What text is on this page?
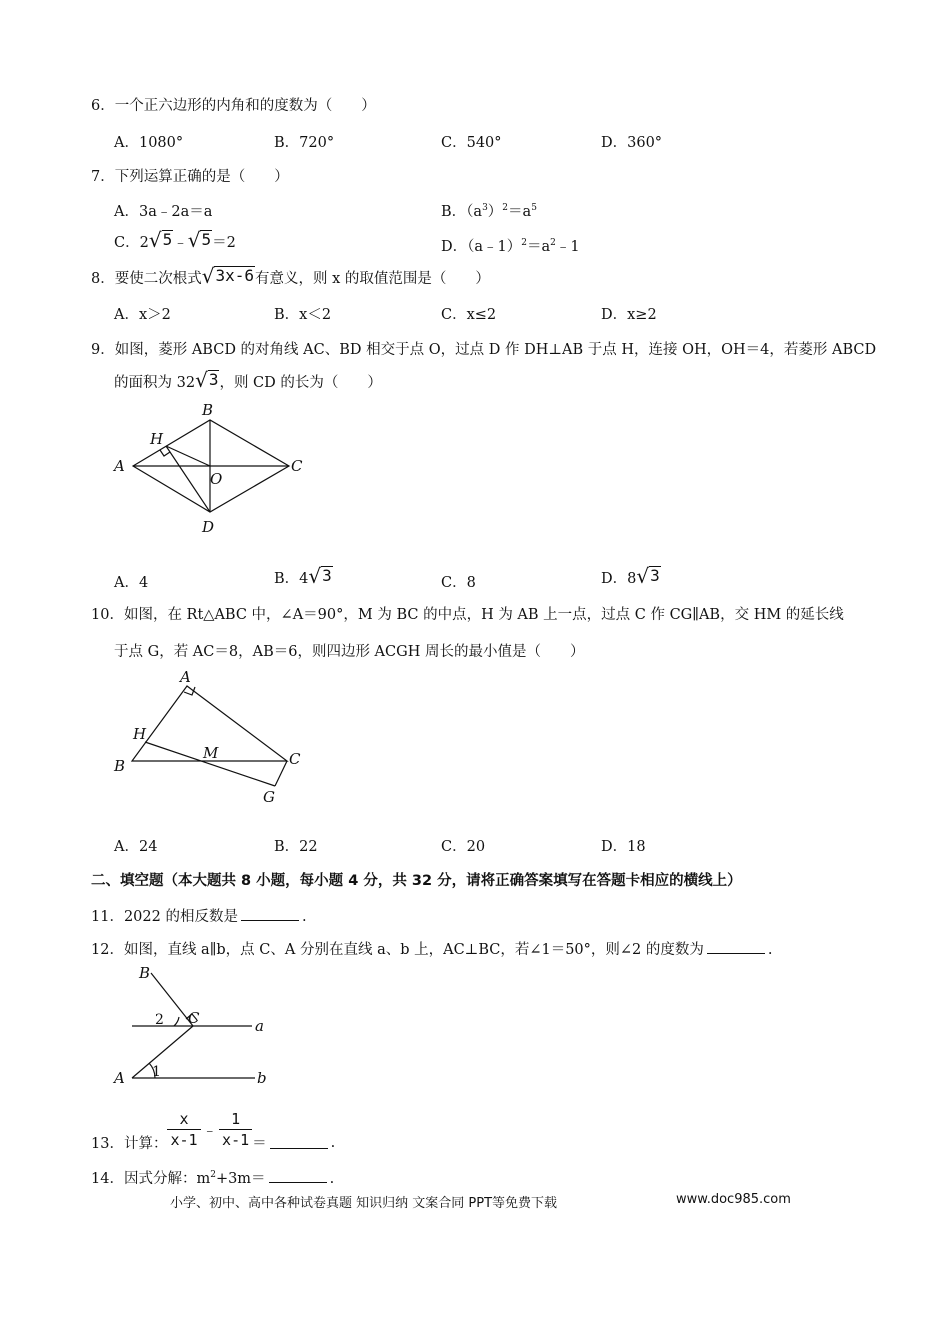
6．一个正六边形的内角和的度数为（　　）
A．1080°	B．720°	C．540°	D．360°
7．下列运算正确的是（　　）
A．3a﹣2a＝a	B．$(a^3)^2=a^5$
C．2 √ 5 ﹣ √ 5 ＝2	D．$(a﹣1)^2=a^2﹣1$
8．要使二次根式 √ 3x-6 有意义，则 x 的取值范围是（　　）
A．x＞2	B．x＜2	C．x≤2	D．x≥2
9．如图，菱形 ABCD 的对角线 AC、BD 相交于点 O，过点 D 作 DH⊥AB 于点 H，连接 OH，OH＝4，若菱形 ABCD
的面积为 32 √ 3 ，则 CD 的长为（　　）
A
B
C
D
H
O
A．4	B．4 √ 3	C．8	D．8 √ 3
10．如图，在 Rt△ABC 中，∠A＝90°，M 为 BC 的中点，H 为 AB 上一点，过点 C 作 CG∥AB，交 HM 的延长线
于点 G，若 AC＝8，AB＝6，则四边形 ACGH 周长的最小值是（　　）
A
B	C
G
H
M
A．24	B．22	C．20	D．18
二、填空题（本大题共 8 小题，每小题 4 分，共 32 分，请将正确答案填写在答题卡相应的横线上）
11．2022 的相反数是	.
12．如图，直线 a∥b，点 C、A 分别在直线 a、b 上，AC⊥BC，若∠1＝50°，则∠2 的度数为	.
B
C
A
a
b
1
2
13．计算： $\frac{x}{x-1}$ ﹣ $\frac{1}{x-1}$ ＝	.
14．因式分解：$m^2+3m=$	.
小学、初中、高中各种试卷真题 知识归纳 文案合同 PPT等免费下载	www.doc985.com
